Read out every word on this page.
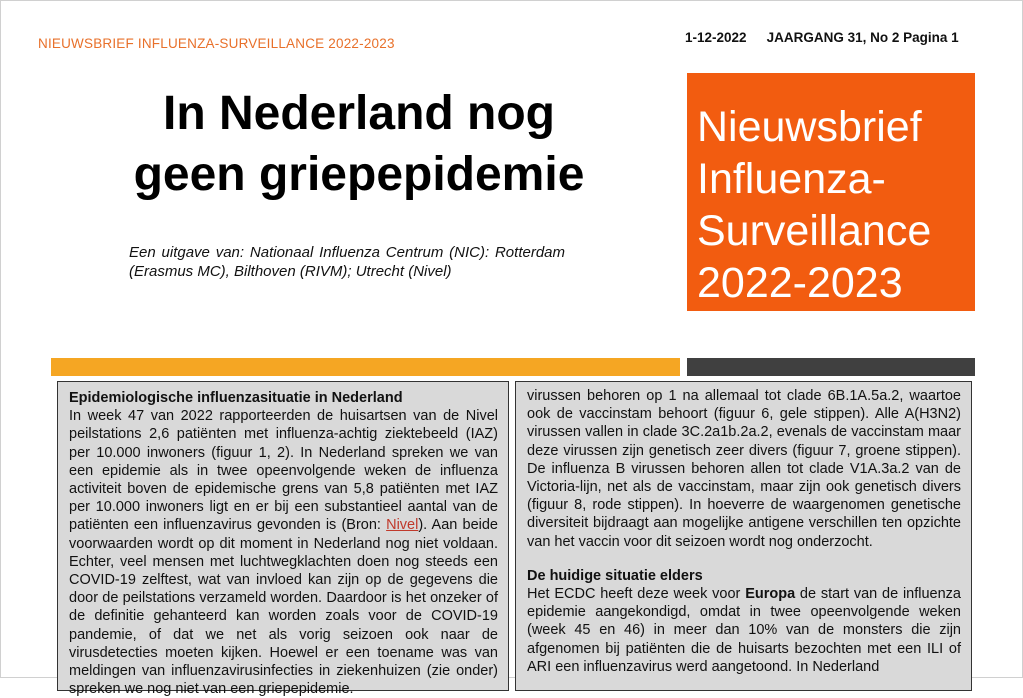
NIEUWSBRIEF INFLUENZA-SURVEILLANCE 2022-2023	1-12-2022 JAARGANG 31, No 2 Pagina 1
In Nederland nog
geen griepepidemie
Een uitgave van: Nationaal Influenza Centrum (NIC): Rotterdam (Erasmus MC), Bilthoven (RIVM); Utrecht (Nivel)
Nieuwsbrief
Influenza-
Surveillance
2022-2023
Epidemiologische influenzasituatie in Nederland

In week 47 van 2022 rapporteerden de huisartsen van de Nivel peilstations 2,6 patiënten met influenza-achtig ziektebeeld (IAZ) per 10.000 inwoners (figuur 1, 2). In Nederland spreken we van een epidemie als in twee opeenvolgende weken de influenza activiteit boven de epidemische grens van 5,8 patiënten met IAZ per 10.000 inwoners ligt en er bij een substantieel aantal van de patiënten een influenzavirus gevonden is (Bron: Nivel). Aan beide voorwaarden wordt op dit moment in Nederland nog niet voldaan. Echter, veel mensen met luchtwegklachten doen nog steeds een COVID-19 zelftest, wat van invloed kan zijn op de gegevens die door de peilstations verzameld worden. Daardoor is het onzeker of de definitie gehanteerd kan worden zoals voor de COVID-19 pandemie, of dat we net als vorig seizoen ook naar de virusdetecties moeten kijken. Hoewel er een toename was van meldingen van influenzavirusinfecties in ziekenhuizen (zie onder) spreken we nog niet van een griepepidemie.

virussen behoren op 1 na allemaal tot clade 6B.1A.5a.2, waartoe ook de vaccinstam behoort (figuur 6, gele stippen). Alle A(H3N2) virussen vallen in clade 3C.2a1b.2a.2, evenals de vaccinstam maar deze virussen zijn genetisch zeer divers (figuur 7, groene stippen). De influenza B virussen behoren allen tot clade V1A.3a.2 van de Victoria-lijn, net als de vaccinstam, maar zijn ook genetisch divers (figuur 8, rode stippen). In hoeverre de waargenomen genetische diversiteit bijdraagt aan mogelijke antigene verschillen ten opzichte van het vaccin voor dit seizoen wordt nog onderzocht.

De huidige situatie elders

Het ECDC heeft deze week voor Europa de start van de influenza epidemie aangekondigd, omdat in twee opeenvolgende weken (week 45 en 46) in meer dan 10% van de monsters die zijn afgenomen bij patiënten die de huisarts bezochten met een ILI of ARI een influenzavirus werd aangetoond. In Nederland
